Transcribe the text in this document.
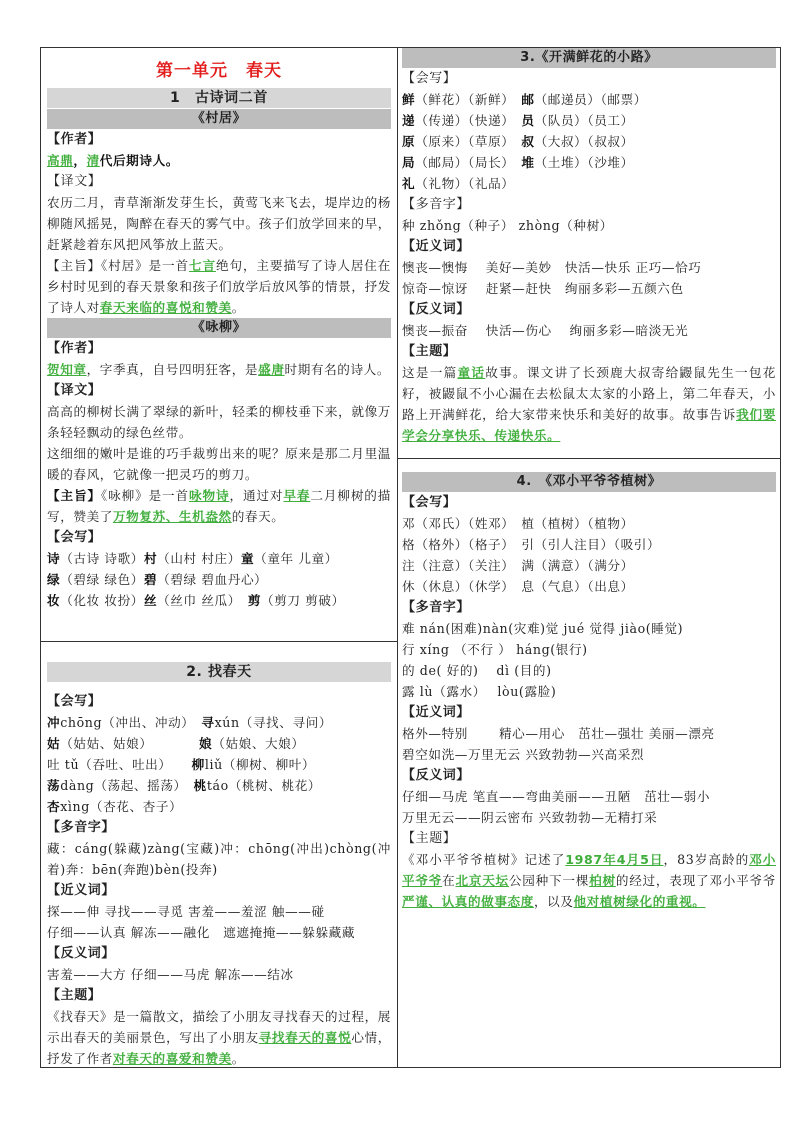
第一单元　春天
1　古诗词二首
《村居》
【作者】
高鼎，清代后期诗人。
【译文】
农历二月，青草渐渐发芽生长，黄莺飞来飞去，堤岸边的杨柳随风摇晃，陶醉在春天的雾气中。孩子们放学回来的早，赶紧趁着东风把风筝放上蓝天。
【主旨】《村居》是一首七言绝句，主要描写了诗人居住在乡村时见到的春天景象和孩子们放学后放风筝的情景，抒发了诗人对春天来临的喜悦和赞美。
《咏柳》
【作者】
贺知章，字季真，自号四明狂客，是盛唐时期有名的诗人。
【译文】
高高的柳树长满了翠绿的新叶，轻柔的柳枝垂下来，就像万条轻轻飘动的绿色丝带。
这细细的嫩叶是谁的巧手裁剪出来的呢？原来是那二月里温暖的春风，它就像一把灵巧的剪刀。
【主旨】《咏柳》是一首咏物诗，通过对早春二月柳树的描写，赞美了万物复苏、生机盎然的春天。
【会写】
诗（古诗 诗歌）村（山村 村庄）童（童年 儿童）
绿（碧绿 绿色）碧（碧绿 碧血丹心）
妆（化妆 妆扮）丝（丝巾 丝瓜）　剪（剪刀 剪破）
2. 找春天
【会写】
冲chōng（冲出、冲动）　寻xún（寻找、寻问）
姑（姑姑、姑娘）　　　　娘（姑娘、大娘）
吐 tǔ（吞吐、吐出）　　柳liǔ（柳树、柳叶）
荡dàng（荡起、摇荡）　桃táo（桃树、桃花）
杏xìng（杏花、杏子）
【多音字】
藏：cáng(躲藏)zàng(宝藏)冲：chōng(冲出)chòng(冲着)奔：bēn(奔跑)bèn(投奔)
【近义词】
探——伸 寻找——寻觅 害羞——羞涩 触——碰
仔细——认真 解冻——融化　遮遮掩掩——躲躲藏藏
【反义词】
害羞——大方 仔细——马虎 解冻——结冰
【主题】
《找春天》是一篇散文，描绘了小朋友寻找春天的过程，展示出春天的美丽景色，写出了小朋友寻找春天的喜悦心情，抒发了作者对春天的喜爱和赞美。
3.《开满鲜花的小路》
【会写】
鲜（鲜花）（新鲜）　邮（邮递员）（邮票）
递（传递）（快递）　员（队员）（员工）
原（原来）（草原）　叔（大叔）（叔叔）
局（邮局）（局长）　堆（土堆）（沙堆）
礼（礼物）（礼品）
【多音字】
种 zhǒng（种子） zhòng（种树）
【近义词】
懊丧—懊悔　 美好—美妙　快活—快乐 正巧—恰巧
惊奇—惊讶　 赶紧—赶快　绚丽多彩—五颜六色
【反义词】
懊丧—振奋　 快活—伤心　 绚丽多彩—暗淡无光
【主题】
这是一篇童话故事。课文讲了长颈鹿大叔寄给鼹鼠先生一包花籽，被鼹鼠不小心漏在去松鼠太太家的小路上，第二年春天，小路上开满鲜花，给大家带来快乐和美好的故事。故事告诉我们要学会分享快乐、传递快乐。
4.　《邓小平爷爷植树》
【会写】
邓（邓氏）（姓邓）　植（植树）（植物）
格（格外）（格子）　引（引人注目）（吸引）
注（注意）（关注）　满（满意）（满分）
休（休息）（休学）　息（气息）（出息）
【多音字】
难 nán(困难)nàn(灾难)觉 jué 觉得 jiào(睡觉)
行 xíng （不行 ） háng(银行)
的 de( 好的)　 dì (目的)
露 lù（露水）　 lòu(露脸)
【近义词】
格外—特别　　 精心—用心　茁壮—强壮 美丽—漂亮
碧空如洗—万里无云 兴致勃勃—兴高采烈
【反义词】
仔细—马虎 笔直——弯曲美丽——丑陋　茁壮—弱小
万里无云——阴云密布 兴致勃勃—无精打采
【主题】
《邓小平爷爷植树》记述了1987年4月5日，83岁高龄的邓小平爷爷在北京天坛公园种下一棵柏树的经过，表现了邓小平爷爷严谨、认真的做事态度，以及他对植树绿化的重视。
